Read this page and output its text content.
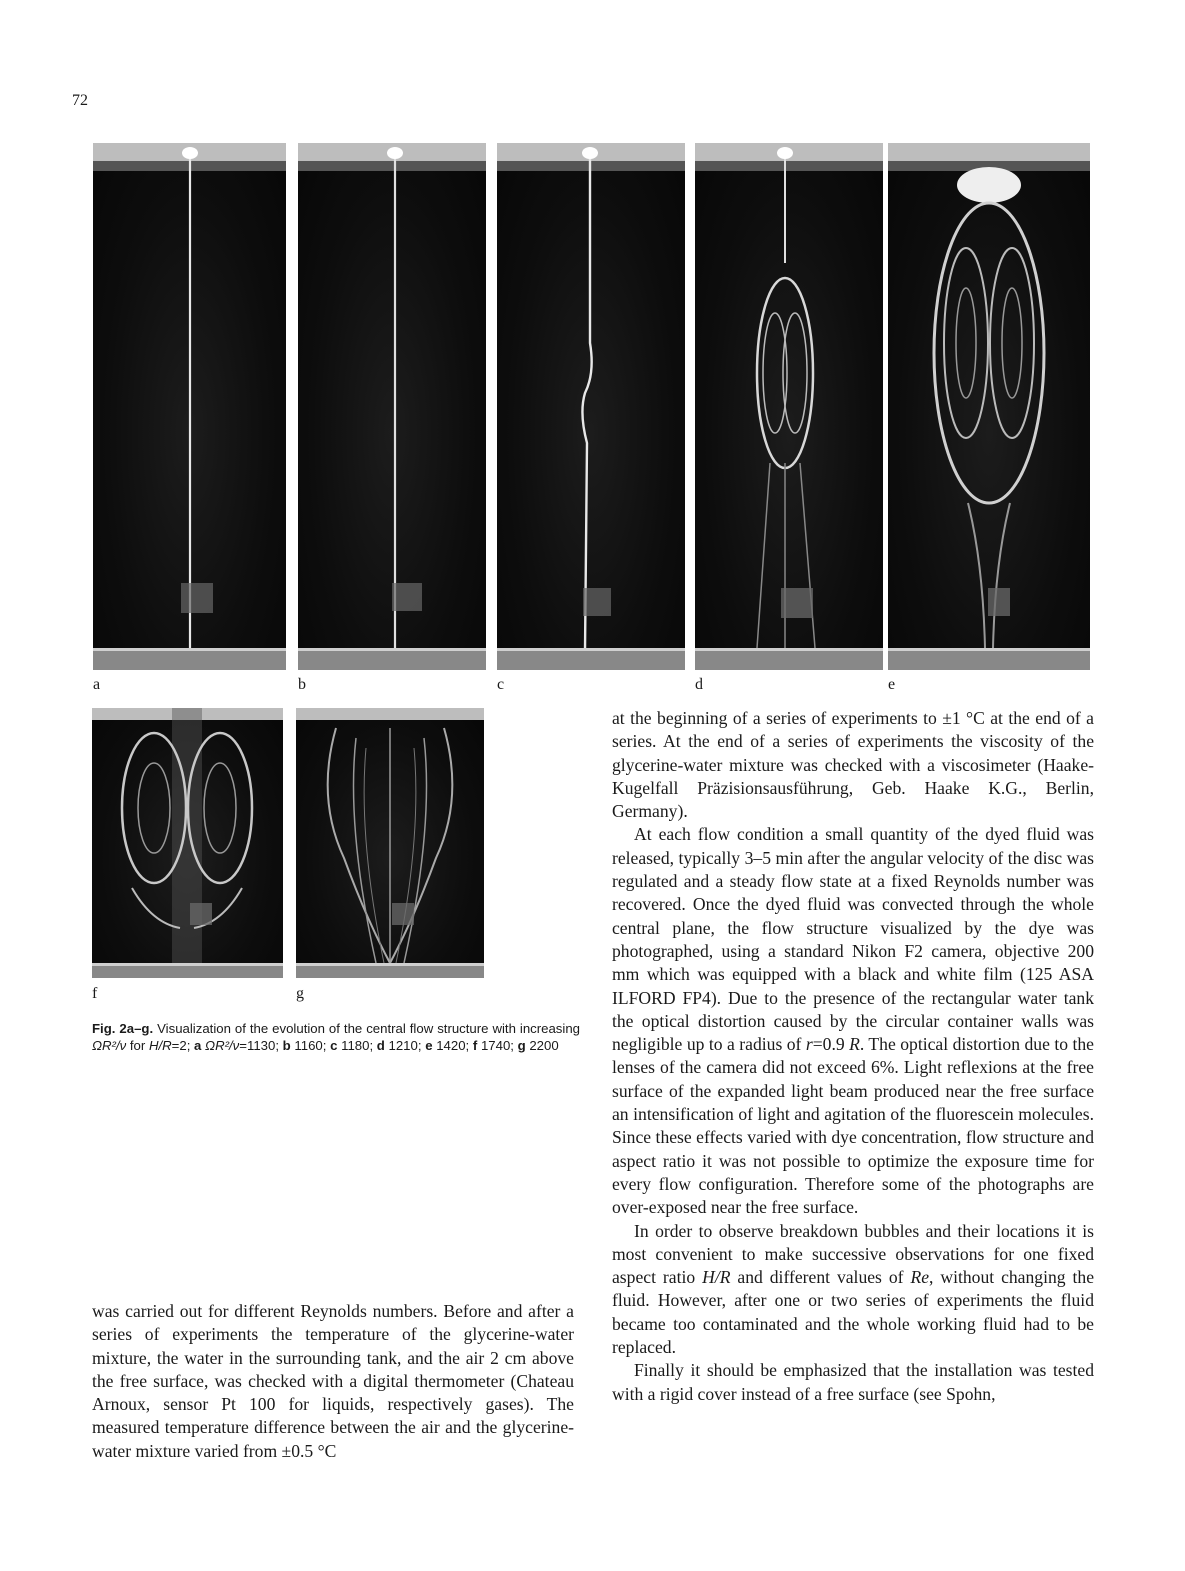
72
a	b	c	d	e
f	g
Fig. 2a–g. Visualization of the evolution of the central flow structure with increasing ΩR²/ν for H/R=2; a ΩR²/ν=1130; b 1160; c 1180; d 1210; e 1420; f 1740; g 2200

was carried out for different Reynolds numbers. Before and after a series of experiments the temperature of the glycerine-water mixture, the water in the surrounding tank, and the air 2 cm above the free surface, was checked with a digital thermometer (Chateau Arnoux, sensor Pt 100 for liquids, respectively gases). The measured temperature difference between the air and the glycerine-water mixture varied from ±0.5 °C

at the beginning of a series of experiments to ±1 °C at the end of a series. At the end of a series of experiments the viscosity of the glycerine-water mixture was checked with a viscosimeter (Haake-Kugelfall Präzisionsausführung, Geb. Haake K.G., Berlin, Germany).

At each flow condition a small quantity of the dyed fluid was released, typically 3–5 min after the angular velocity of the disc was regulated and a steady flow state at a fixed Reynolds number was recovered. Once the dyed fluid was convected through the whole central plane, the flow structure visualized by the dye was photographed, using a standard Nikon F2 camera, objective 200 mm which was equipped with a black and white film (125 ASA ILFORD FP4). Due to the presence of the rectangular water tank the optical distortion caused by the circular container walls was negligible up to a radius of r=0.9 R. The optical distortion due to the lenses of the camera did not exceed 6%. Light reflexions at the free surface of the expanded light beam produced near the free surface an intensification of light and agitation of the fluorescein molecules. Since these effects varied with dye concentration, flow structure and aspect ratio it was not possible to optimize the exposure time for every flow configuration. Therefore some of the photographs are over-exposed near the free surface.

In order to observe breakdown bubbles and their locations it is most convenient to make successive observations for one fixed aspect ratio H/R and different values of Re, without changing the fluid. However, after one or two series of experiments the fluid became too contaminated and the whole working fluid had to be replaced.

Finally it should be emphasized that the installation was tested with a rigid cover instead of a free surface (see Spohn,
